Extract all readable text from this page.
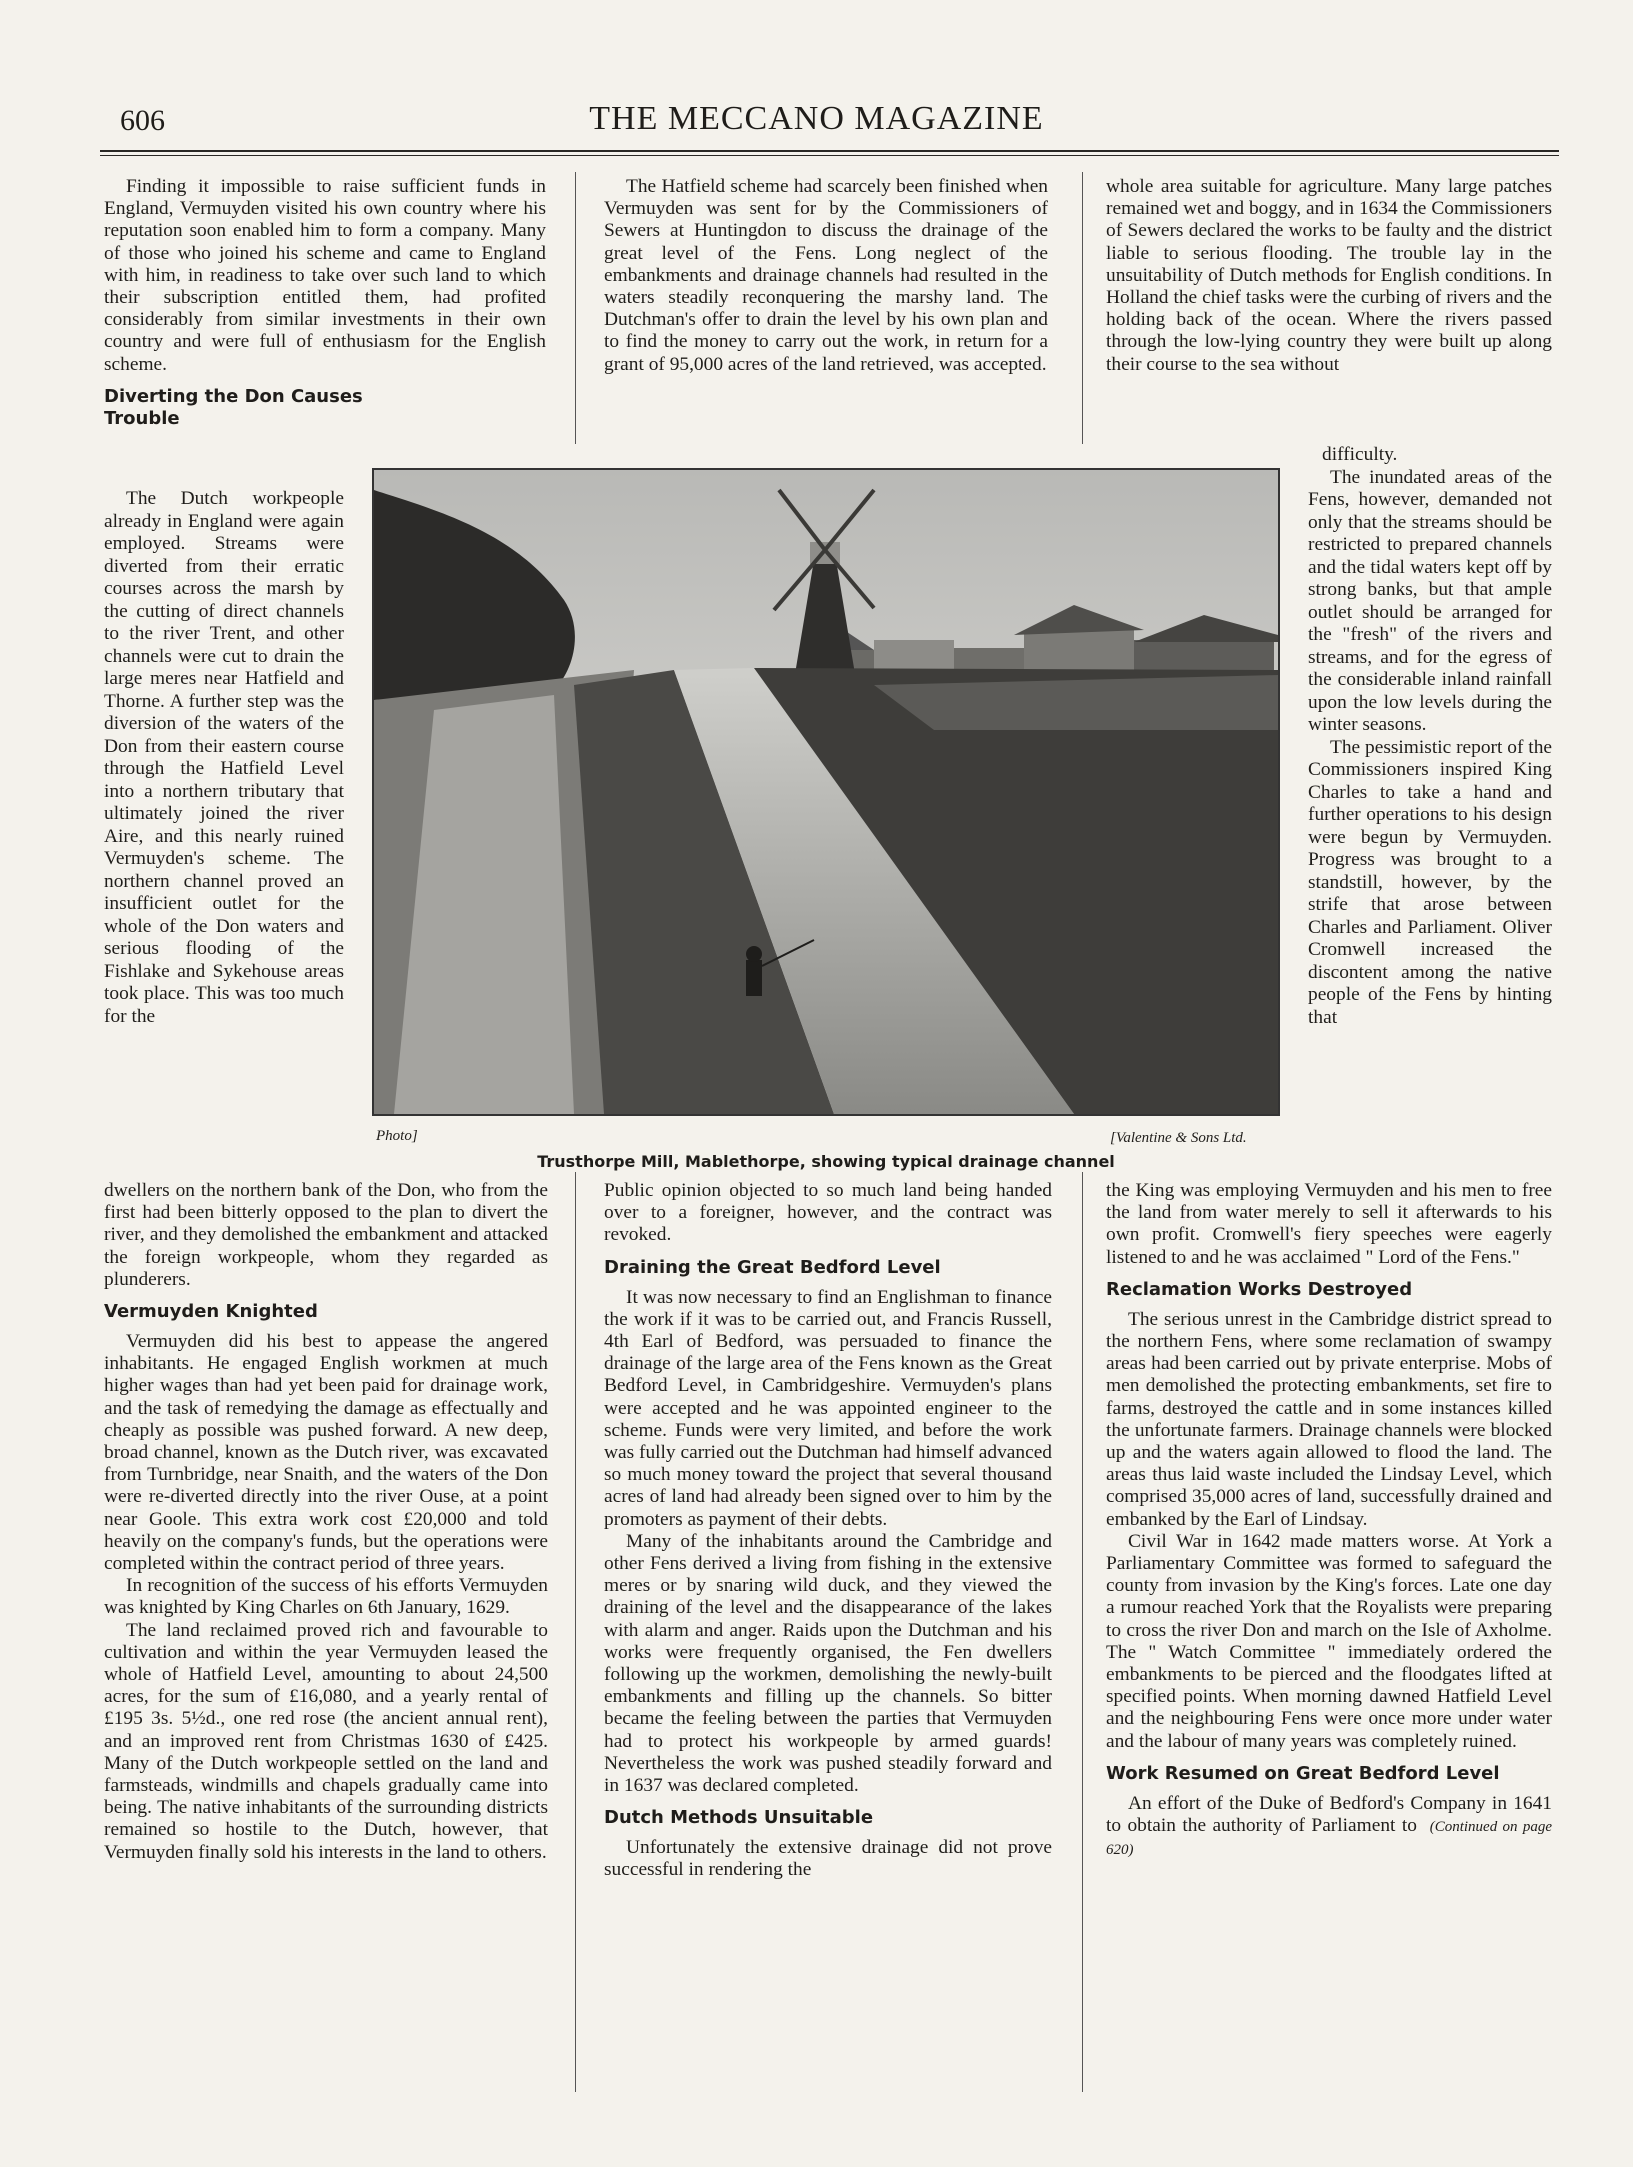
606	THE MECCANO MAGAZINE

Finding it impossible to raise sufficient funds in England, Vermuyden visited his own country where his reputation soon enabled him to form a company. Many of those who joined his scheme and came to England with him, in readiness to take over such land to which their subscription entitled them, had profited considerably from similar investments in their own country and were full of enthusiasm for the English scheme.

Diverting the Don Causes Trouble

The Dutch workpeople already in England were again employed. Streams were diverted from their erratic courses across the marsh by the cutting of direct channels to the river Trent, and other channels were cut to drain the large meres near Hatfield and Thorne. A further step was the diversion of the waters of the Don from their eastern course through the Hatfield Level into a northern tributary that ultimately joined the river Aire, and this nearly ruined Vermuyden's scheme. The northern channel proved an insufficient outlet for the whole of the Don waters and serious flooding of the Fishlake and Sykehouse areas took place. This was too much for the

dwellers on the northern bank of the Don, who from the first had been bitterly opposed to the plan to divert the river, and they demolished the embankment and attacked the foreign workpeople, whom they regarded as plunderers.

Vermuyden Knighted

Vermuyden did his best to appease the angered inhabitants. He engaged English workmen at much higher wages than had yet been paid for drainage work, and the task of remedying the damage as effectually and cheaply as possible was pushed forward. A new deep, broad channel, known as the Dutch river, was excavated from Turnbridge, near Snaith, and the waters of the Don were re-diverted directly into the river Ouse, at a point near Goole. This extra work cost £20,000 and told heavily on the company's funds, but the operations were completed within the contract period of three years.

In recognition of the success of his efforts Vermuyden was knighted by King Charles on 6th January, 1629.

The land reclaimed proved rich and favourable to cultivation and within the year Vermuyden leased the whole of Hatfield Level, amounting to about 24,500 acres, for the sum of £16,080, and a yearly rental of £195 3s. 5½d., one red rose (the ancient annual rent), and an improved rent from Christmas 1630 of £425. Many of the Dutch workpeople settled on the land and farmsteads, windmills and chapels gradually came into being. The native inhabitants of the surrounding districts remained so hostile to the Dutch, however, that Vermuyden finally sold his interests in the land to others.

The Hatfield scheme had scarcely been finished when Vermuyden was sent for by the Commissioners of Sewers at Huntingdon to discuss the drainage of the great level of the Fens. Long neglect of the embankments and drainage channels had resulted in the waters steadily reconquering the marshy land. The Dutchman's offer to drain the level by his own plan and to find the money to carry out the work, in return for a grant of 95,000 acres of the land retrieved, was accepted.

Public opinion objected to so much land being handed over to a foreigner, however, and the contract was revoked.

Draining the Great Bedford Level

It was now necessary to find an Englishman to finance the work if it was to be carried out, and Francis Russell, 4th Earl of Bedford, was persuaded to finance the drainage of the large area of the Fens known as the Great Bedford Level, in Cambridgeshire. Vermuyden's plans were accepted and he was appointed engineer to the scheme. Funds were very limited, and before the work was fully carried out the Dutchman had himself advanced so much money toward the project that several thousand acres of land had already been signed over to him by the promoters as payment of their debts.

Many of the inhabitants around the Cambridge and other Fens derived a living from fishing in the extensive meres or by snaring wild duck, and they viewed the draining of the level and the disappearance of the lakes with alarm and anger. Raids upon the Dutchman and his works were frequently organised, the Fen dwellers following up the workmen, demolishing the newly-built embankments and filling up the channels. So bitter became the feeling between the parties that Vermuyden had to protect his workpeople by armed guards! Nevertheless the work was pushed steadily forward and in 1637 was declared completed.

Dutch Methods Unsuitable

Unfortunately the extensive drainage did not prove successful in rendering the

whole area suitable for agriculture. Many large patches remained wet and boggy, and in 1634 the Commissioners of Sewers declared the works to be faulty and the district liable to serious flooding. The trouble lay in the unsuitability of Dutch methods for English conditions. In Holland the chief tasks were the curbing of rivers and the holding back of the ocean. Where the rivers passed through the low-lying country they were built up along their course to the sea without

difficulty.

The inundated areas of the Fens, however, demanded not only that the streams should be restricted to prepared channels and the tidal waters kept off by strong banks, but that ample outlet should be arranged for the "fresh" of the rivers and streams, and for the egress of the considerable inland rainfall upon the low levels during the winter seasons.

The pessimistic report of the Commissioners inspired King Charles to take a hand and further operations to his design were begun by Vermuyden. Progress was brought to a standstill, however, by the strife that arose between Charles and Parliament. Oliver Cromwell increased the discontent among the native people of the Fens by hinting that

the King was employing Vermuyden and his men to free the land from water merely to sell it afterwards to his own profit. Cromwell's fiery speeches were eagerly listened to and he was acclaimed " Lord of the Fens."

Reclamation Works Destroyed

The serious unrest in the Cambridge district spread to the northern Fens, where some reclamation of swampy areas had been carried out by private enterprise. Mobs of men demolished the protecting embankments, set fire to farms, destroyed the cattle and in some instances killed the unfortunate farmers. Drainage channels were blocked up and the waters again allowed to flood the land. The areas thus laid waste included the Lindsay Level, which comprised 35,000 acres of land, successfully drained and embanked by the Earl of Lindsay.

Civil War in 1642 made matters worse. At York a Parliamentary Committee was formed to safeguard the county from invasion by the King's forces. Late one day a rumour reached York that the Royalists were preparing to cross the river Don and march on the Isle of Axholme. The " Watch Committee " immediately ordered the embankments to be pierced and the floodgates lifted at specified points. When morning dawned Hatfield Level and the neighbouring Fens were once more under water and the labour of many years was completely ruined.

Work Resumed on Great Bedford Level

An effort of the Duke of Bedford's Company in 1641 to obtain the authority of Parliament to (Continued on page 620)

Photo]	[Valentine & Sons Ltd.
Trusthorpe Mill, Mablethorpe, showing typical drainage channel
